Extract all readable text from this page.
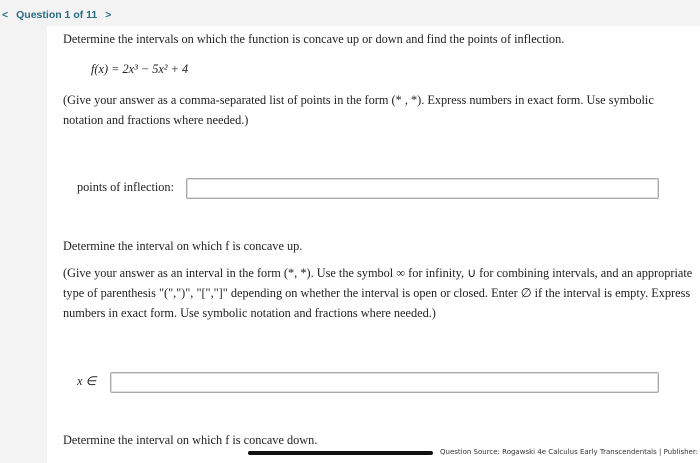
< Question 1 of 11 >
Determine the intervals on which the function is concave up or down and find the points of inflection.
f(x) = 2x³ − 5x² + 4
(Give your answer as a comma-separated list of points in the form (* , *). Express numbers in exact form. Use symbolic notation and fractions where needed.)
points of inflection:
Determine the interval on which f is concave up.
(Give your answer as an interval in the form (*, *). Use the symbol ∞ for infinity, ∪ for combining intervals, and an appropriate type of parenthesis "(",")", "[","]" depending on whether the interval is open or closed. Enter ∅ if the interval is empty. Express numbers in exact form. Use symbolic notation and fractions where needed.)
x ∈
Determine the interval on which f is concave down.
Question Source: Rogawski 4e Calculus Early Transcendentals | Publisher:
